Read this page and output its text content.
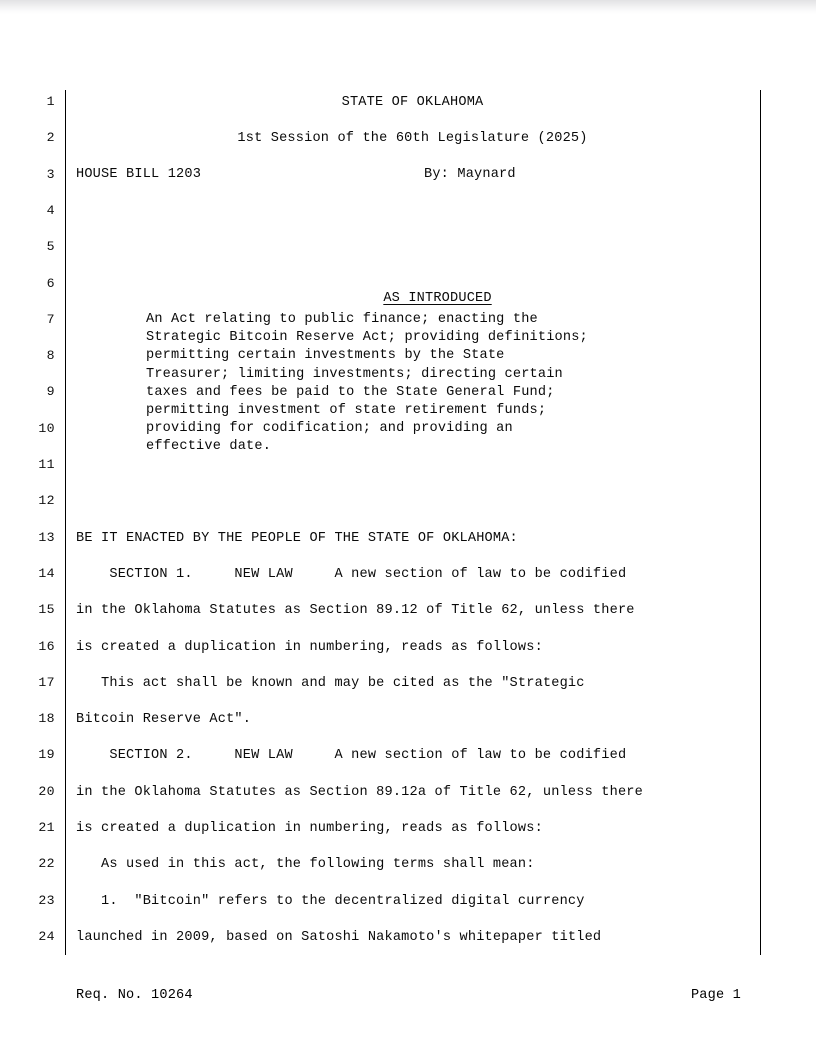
1
2
3
4
5
6
7
8
9
10
11
12
13
14
15
16
17
18
19
20
21
22
23
24
STATE OF OKLAHOMA
1st Session of the 60th Legislature (2025)
HOUSE BILL 1203	By: Maynard

AS INTRODUCED

An Act relating to public finance; enacting the
Strategic Bitcoin Reserve Act; providing definitions;
permitting certain investments by the State
Treasurer; limiting investments; directing certain
taxes and fees be paid to the State General Fund;
permitting investment of state retirement funds;
providing for codification; and providing an
effective date.
BE IT ENACTED BY THE PEOPLE OF THE STATE OF OKLAHOMA:
SECTION 1.     NEW LAW     A new section of law to be codified
in the Oklahoma Statutes as Section 89.12 of Title 62, unless there
is created a duplication in numbering, reads as follows:
This act shall be known and may be cited as the "Strategic
Bitcoin Reserve Act".
SECTION 2.     NEW LAW     A new section of law to be codified
in the Oklahoma Statutes as Section 89.12a of Title 62, unless there
is created a duplication in numbering, reads as follows:
As used in this act, the following terms shall mean:
1.  "Bitcoin" refers to the decentralized digital currency
launched in 2009, based on Satoshi Nakamoto's whitepaper titled
Req. No. 10264	Page 1
